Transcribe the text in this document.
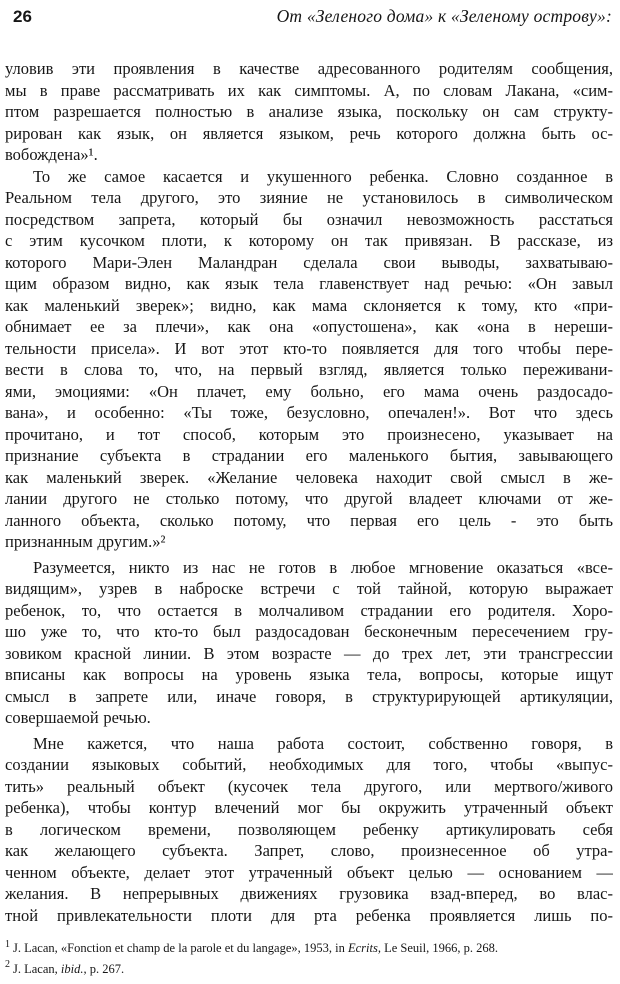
26	От «Зеленого дома» к «Зеленому острову»:
уловив эти проявления в качестве адресованного родителям сообщения,
мы в праве рассматривать их как симптомы. А, по словам Лакана, «сим-
птом разрешается полностью в анализе языка, поскольку он сам структу-
рирован как язык, он является языком, речь которого должна быть ос-
вобождена»¹.
То же самое касается и укушенного ребенка. Словно созданное в
Реальном тела другого, это зияние не установилось в символическом
посредством запрета, который бы означил невозможность расстаться
с этим кусочком плоти, к которому он так привязан. В рассказе, из
которого Мари-Элен Маландран сделала свои выводы, захватываю-
щим образом видно, как язык тела главенствует над речью: «Он завыл
как маленький зверек»; видно, как мама склоняется к тому, кто «при-
обнимает ее за плечи», как она «опустошена», как «она в нереши-
тельности присела». И вот этот кто-то появляется для того чтобы пере-
вести в слова то, что, на первый взгляд, является только переживани-
ями, эмоциями: «Он плачет, ему больно, его мама очень раздосадо-
вана», и особенно: «Ты тоже, безусловно, опечален!». Вот что здесь
прочитано, и тот способ, которым это произнесено, указывает на
признание субъекта в страдании его маленького бытия, завывающего
как маленький зверек. «Желание человека находит свой смысл в же-
лании другого не столько потому, что другой владеет ключами от же-
ланного объекта, сколько потому, что первая его цель - это быть
признанным другим.»²
Разумеется, никто из нас не готов в любое мгновение оказаться «все-
видящим», узрев в наброске встречи с той тайной, которую выражает
ребенок, то, что остается в молчаливом страдании его родителя. Хоро-
шо уже то, что кто-то был раздосадован бесконечным пересечением гру-
зовиком красной линии. В этом возрасте — до трех лет, эти трансгрессии
вписаны как вопросы на уровень языка тела, вопросы, которые ищут
смысл в запрете или, иначе говоря, в структурирующей артикуляции,
совершаемой речью.
Мне кажется, что наша работа состоит, собственно говоря, в
создании языковых событий, необходимых для того, чтобы «выпус-
тить» реальный объект (кусочек тела другого, или мертвого/живого
ребенка), чтобы контур влечений мог бы окружить утраченный объект
в логическом времени, позволяющем ребенку артикулировать себя
как желающего субъекта. Запрет, слово, произнесенное об утра-
ченном объекте, делает этот утраченный объект целью — основанием —
желания. В непрерывных движениях грузовика взад-вперед, во влас-
тной привлекательности плоти для рта ребенка проявляется лишь по-
$^1$ J. Lacan, «Fonction et champ de la parole et du langage», 1953, in Ecrits, Le Seuil, 1966, p. 268.
$^2$ J. Lacan, ibid., p. 267.
